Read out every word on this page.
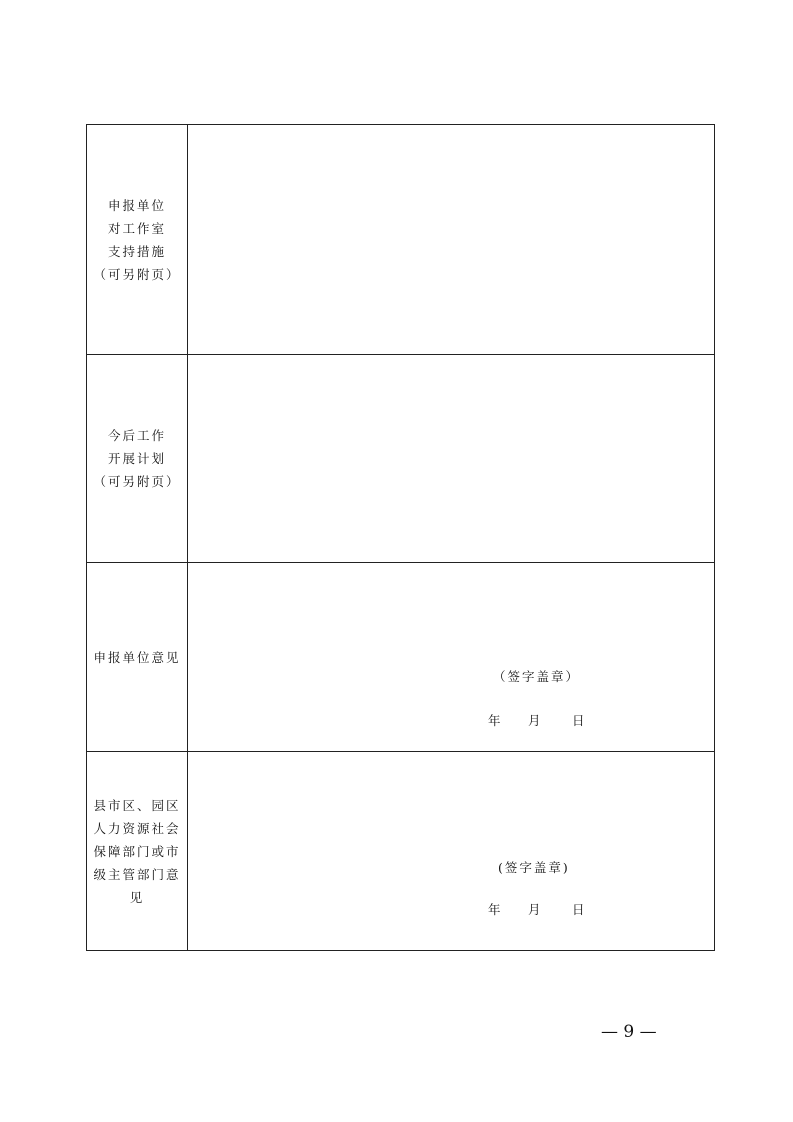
申报单位
对工作室
支持措施
（可另附页）	

今后工作
开展计划
（可另附页）	

申报单位意见	（签字盖章）
年 月 日

县市区、园区
人力资源社会
保障部门或市
级主管部门意
见	(签字盖章)
年 月 日
— 9 —
